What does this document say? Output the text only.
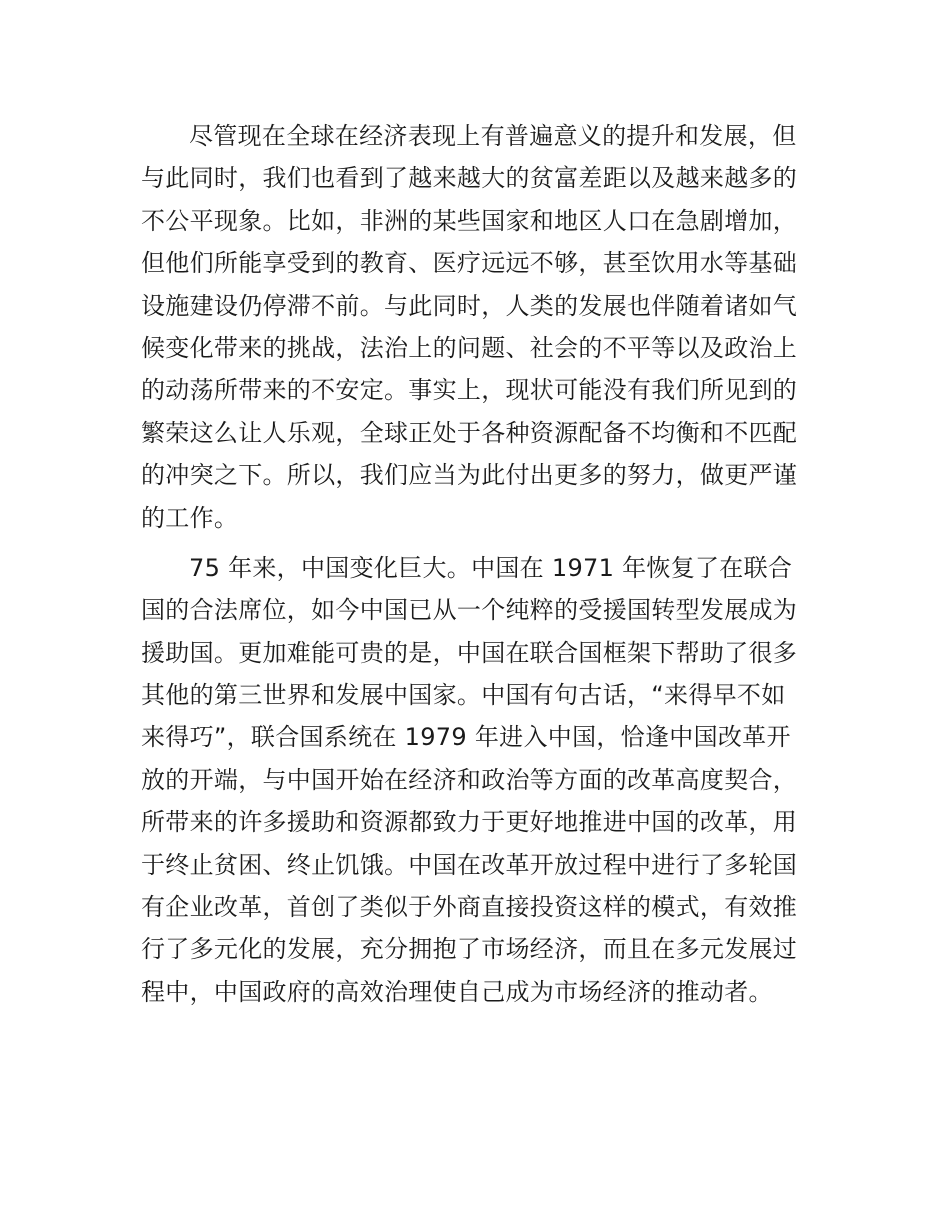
尽管现在全球在经济表现上有普遍意义的提升和发展，但
与此同时，我们也看到了越来越大的贫富差距以及越来越多的
不公平现象。比如，非洲的某些国家和地区人口在急剧增加，
但他们所能享受到的教育、医疗远远不够，甚至饮用水等基础
设施建设仍停滞不前。与此同时，人类的发展也伴随着诸如气
候变化带来的挑战，法治上的问题、社会的不平等以及政治上
的动荡所带来的不安定。事实上，现状可能没有我们所见到的
繁荣这么让人乐观，全球正处于各种资源配备不均衡和不匹配
的冲突之下。所以，我们应当为此付出更多的努力，做更严谨
的工作。
75 年来，中国变化巨大。中国在 1971 年恢复了在联合
国的合法席位，如今中国已从一个纯粹的受援国转型发展成为
援助国。更加难能可贵的是，中国在联合国框架下帮助了很多
其他的第三世界和发展中国家。中国有句古话，“来得早不如
来得巧”，联合国系统在 1979 年进入中国，恰逢中国改革开
放的开端，与中国开始在经济和政治等方面的改革高度契合，
所带来的许多援助和资源都致力于更好地推进中国的改革，用
于终止贫困、终止饥饿。中国在改革开放过程中进行了多轮国
有企业改革，首创了类似于外商直接投资这样的模式，有效推
行了多元化的发展，充分拥抱了市场经济，而且在多元发展过
程中，中国政府的高效治理使自己成为市场经济的推动者。
